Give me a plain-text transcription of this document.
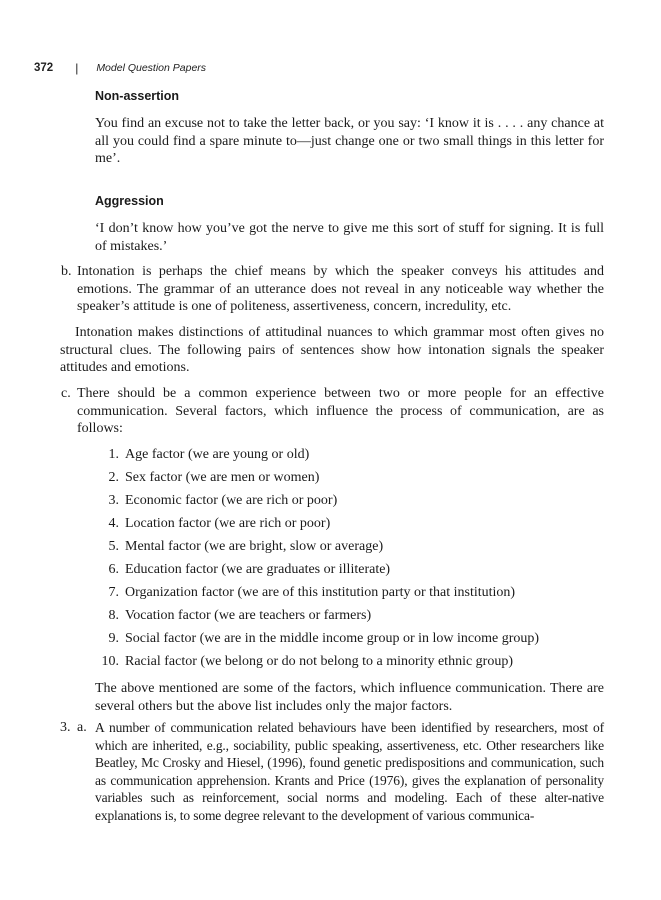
372 | Model Question Papers
Non-assertion
You find an excuse not to take the letter back, or you say: ‘I know it is . . . . any chance at all you could find a spare minute to—just change one or two small things in this letter for me’.
Aggression
‘I don’t know how you’ve got the nerve to give me this sort of stuff for signing. It is full of mistakes.’
b. Intonation is perhaps the chief means by which the speaker conveys his attitudes and emotions. The grammar of an utterance does not reveal in any noticeable way whether the speaker’s attitude is one of politeness, assertiveness, concern, incredulity, etc.
Intonation makes distinctions of attitudinal nuances to which grammar most often gives no structural clues. The following pairs of sentences show how intonation signals the speaker attitudes and emotions.
c. There should be a common experience between two or more people for an effective communication. Several factors, which influence the process of communication, are as follows:
1. Age factor (we are young or old)
2. Sex factor (we are men or women)
3. Economic factor (we are rich or poor)
4. Location factor (we are rich or poor)
5. Mental factor (we are bright, slow or average)
6. Education factor (we are graduates or illiterate)
7. Organization factor (we are of this institution party or that institution)
8. Vocation factor (we are teachers or farmers)
9. Social factor (we are in the middle income group or in low income group)
10. Racial factor (we belong or do not belong to a minority ethnic group)
The above mentioned are some of the factors, which influence communication. There are several others but the above list includes only the major factors.
3. a. A number of communication related behaviours have been identified by researchers, most of which are inherited, e.g., sociability, public speaking, assertiveness, etc. Other researchers like Beatley, Mc Crosky and Hiesel, (1996), found genetic predispositions and communication, such as communication apprehension. Krants and Price (1976), gives the explanation of personality variables such as reinforcement, social norms and modeling. Each of these alter-native explanations is, to some degree relevant to the development of various communica-
